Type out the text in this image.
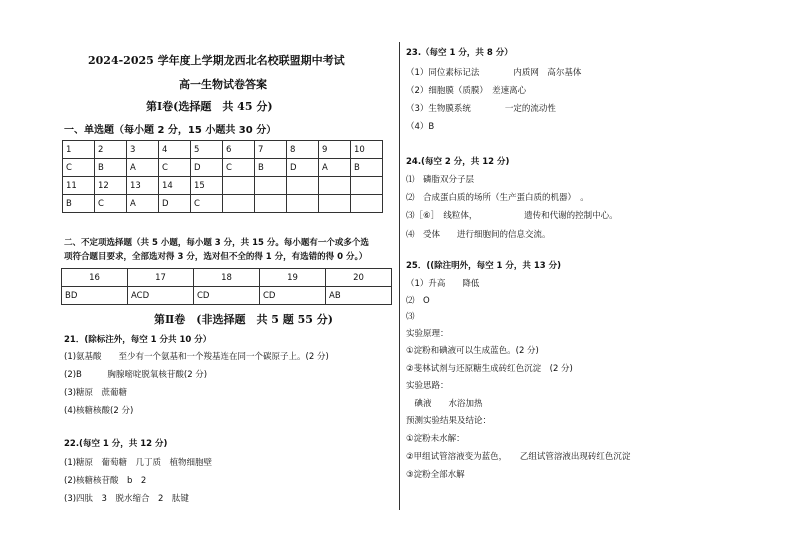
2024-2025 学年度上学期龙西北名校联盟期中考试
高一生物试卷答案
第Ⅰ卷(选择题　共 45 分)
一、单选题（每小题 2 分，15 小题共 30 分）
1	2	3	4	5	6	7	8	9	10
C	B	A	C	D	C	B	D	A	B
11	12	13	14	15					
B	C	A	D	C					
二、不定项选择题（共 5 小题，每小题 3 分，共 15 分。每小题有一个或多个选
项符合题目要求，全部选对得 3 分，选对但不全的得 1 分，有选错的得 0 分。）
16	17	18	19	20
BD	ACD	CD	CD	AB
第Ⅱ卷　(非选择题　共 5 题 55 分)
21．(除标注外，每空 1 分共 10 分）
(1)氨基酸　　至少有一个氨基和一个羧基连在同一个碳原子上。(2 分)
(2)B　　　胸腺嘧啶脱氧核苷酸(2 分)
(3)糖原　蔗葡糖
(4)核糖核酸(2 分)
22.(每空 1 分，共 12 分)
(1)糖原　葡萄糖　几丁质　植物细胞壁
(2)核糖核苷酸　b　2
(3)四肽　3　脱水缩合　2　肽键
23.（每空 1 分，共 8 分）
（1）同位素标记法　　　　内质网　高尔基体
（2）细胞膜（质膜）　差速离心
（3）生物膜系统　　　　一定的流动性
（4）B
24.(每空 2 分，共 12 分)
⑴　磷脂双分子层
⑵　合成蛋白质的场所（生产蛋白质的机器）　。
⑶［⑥］　线粒体，　　　　　　遗传和代谢的控制中心。
⑷　受体　　进行细胞间的信息交流。
25．((除注明外，每空 1 分，共 13 分)
（1）升高　　降低
⑵　O
⑶
实验原理：
①淀粉和碘液可以生成蓝色。(2 分)
②斐林试剂与还原糖生成砖红色沉淀　(2 分)
实验思路：
　碘液　　水浴加热
预测实验结果及结论：
①淀粉未水解：
②甲组试管溶液变为蓝色，　　乙组试管溶液出现砖红色沉淀
③淀粉全部水解
